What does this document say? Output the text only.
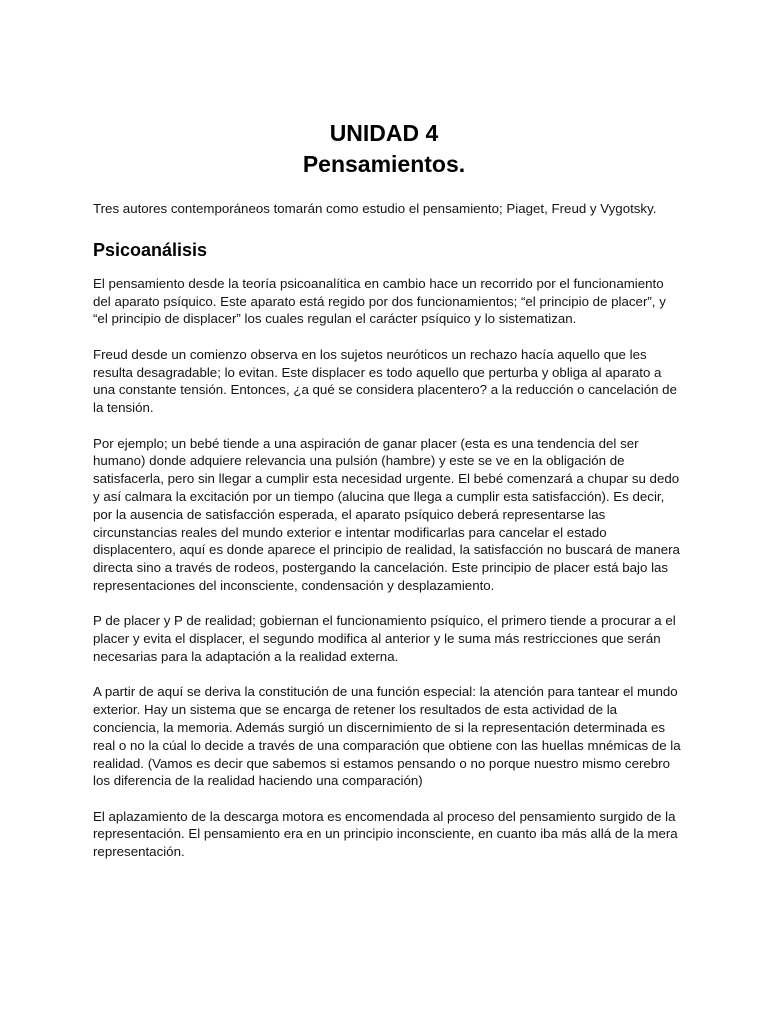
UNIDAD 4
Pensamientos.

Tres autores contemporáneos tomarán como estudio el pensamiento; Piaget, Freud y Vygotsky.

Psicoanálisis

El pensamiento desde la teoría psicoanalítica en cambio hace un recorrido por el funcionamiento del aparato psíquico. Este aparato está regido por dos funcionamientos; “el principio de placer”, y “el principio de displacer” los cuales regulan el carácter psíquico y lo sistematizan.

Freud desde un comienzo observa en los sujetos neuróticos un rechazo hacía aquello que les resulta desagradable; lo evitan. Este displacer es todo aquello que perturba y obliga al aparato a una constante tensión. Entonces, ¿a qué se considera placentero? a la reducción o cancelación de la tensión.

Por ejemplo; un bebé tiende a una aspiración de ganar placer (esta es una tendencia del ser humano) donde adquiere relevancia una pulsión (hambre) y este se ve en la obligación de satisfacerla, pero sin llegar a cumplir esta necesidad urgente. El bebé comenzará a chupar su dedo y así calmara la excitación por un tiempo (alucina que llega a cumplir esta satisfacción). Es decir, por la ausencia de satisfacción esperada, el aparato psíquico deberá representarse las circunstancias reales del mundo exterior e intentar modificarlas para cancelar el estado displacentero, aquí es donde aparece el principio de realidad, la satisfacción no buscará de manera directa sino a través de rodeos, postergando la cancelación. Este principio de placer está bajo las representaciones del inconsciente, condensación y desplazamiento.

P de placer y P de realidad; gobiernan el funcionamiento psíquico, el primero tiende a procurar a el placer y evita el displacer, el segundo modifica al anterior y le suma más restricciones que serán necesarias para la adaptación a la realidad externa.

A partir de aquí se deriva la constitución de una función especial: la atención para tantear el mundo exterior. Hay un sistema que se encarga de retener los resultados de esta actividad de la conciencia, la memoria. Además surgió un discernimiento de si la representación determinada es real o no la cúal lo decide a través de una comparación que obtiene con las huellas mnémicas de la realidad. (Vamos es decir que sabemos si estamos pensando o no porque nuestro mismo cerebro los diferencia de la realidad haciendo una comparación)

El aplazamiento de la descarga motora es encomendada al proceso del pensamiento surgido de la representación. El pensamiento era en un principio inconsciente, en cuanto iba más allá de la mera representación.
